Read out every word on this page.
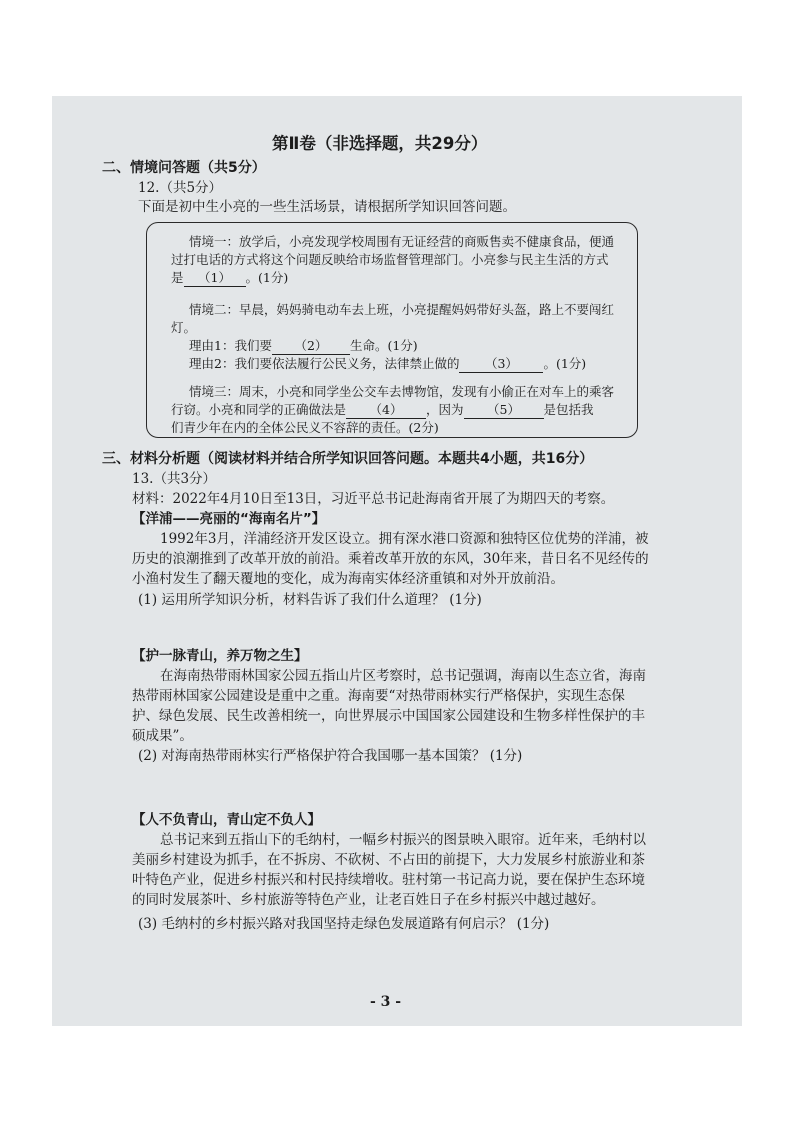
第Ⅱ卷（非选择题，共29分）
二、情境问答题（共5分）
12.（共5分）
下面是初中生小亮的一些生活场景，请根据所学知识回答问题。
情境一：放学后，小亮发现学校周围有无证经营的商贩售卖不健康食品，便通
过打电话的方式将这个问题反映给市场监督管理部门。小亮参与民主生活的方式
是 （1） 。(1分)
情境二：早晨，妈妈骑电动车去上班，小亮提醒妈妈带好头盔，路上不要闯红
灯。
理由1：我们要 （2） 生命。(1分)
理由2：我们要依法履行公民义务，法律禁止做的 （3） 。(1分)
情境三：周末，小亮和同学坐公交车去博物馆，发现有小偷正在对车上的乘客
行窃。小亮和同学的正确做法是 （4） ，因为 （5） 是包括我
们青少年在内的全体公民义不容辞的责任。(2分)
三、材料分析题（阅读材料并结合所学知识回答问题。本题共4小题，共16分）
13.（共3分）
材料：2022年4月10日至13日，习近平总书记赴海南省开展了为期四天的考察。
【洋浦——亮丽的“海南名片”】
1992年3月，洋浦经济开发区设立。拥有深水港口资源和独特区位优势的洋浦，被
历史的浪潮推到了改革开放的前沿。乘着改革开放的东风，30年来，昔日名不见经传的
小渔村发生了翻天覆地的变化，成为海南实体经济重镇和对外开放前沿。
(1) 运用所学知识分析，材料告诉了我们什么道理？ (1分)
【护一脉青山，养万物之生】
在海南热带雨林国家公园五指山片区考察时，总书记强调，海南以生态立省，海南
热带雨林国家公园建设是重中之重。海南要“对热带雨林实行严格保护，实现生态保
护、绿色发展、民生改善相统一，向世界展示中国国家公园建设和生物多样性保护的丰
硕成果”。
(2) 对海南热带雨林实行严格保护符合我国哪一基本国策？ (1分)
【人不负青山，青山定不负人】
总书记来到五指山下的毛纳村，一幅乡村振兴的图景映入眼帘。近年来，毛纳村以
美丽乡村建设为抓手，在不拆房、不砍树、不占田的前提下，大力发展乡村旅游业和茶
叶特色产业，促进乡村振兴和村民持续增收。驻村第一书记高力说，要在保护生态环境
的同时发展茶叶、乡村旅游等特色产业，让老百姓日子在乡村振兴中越过越好。
(3) 毛纳村的乡村振兴路对我国坚持走绿色发展道路有何启示？ (1分)
- 3 -
